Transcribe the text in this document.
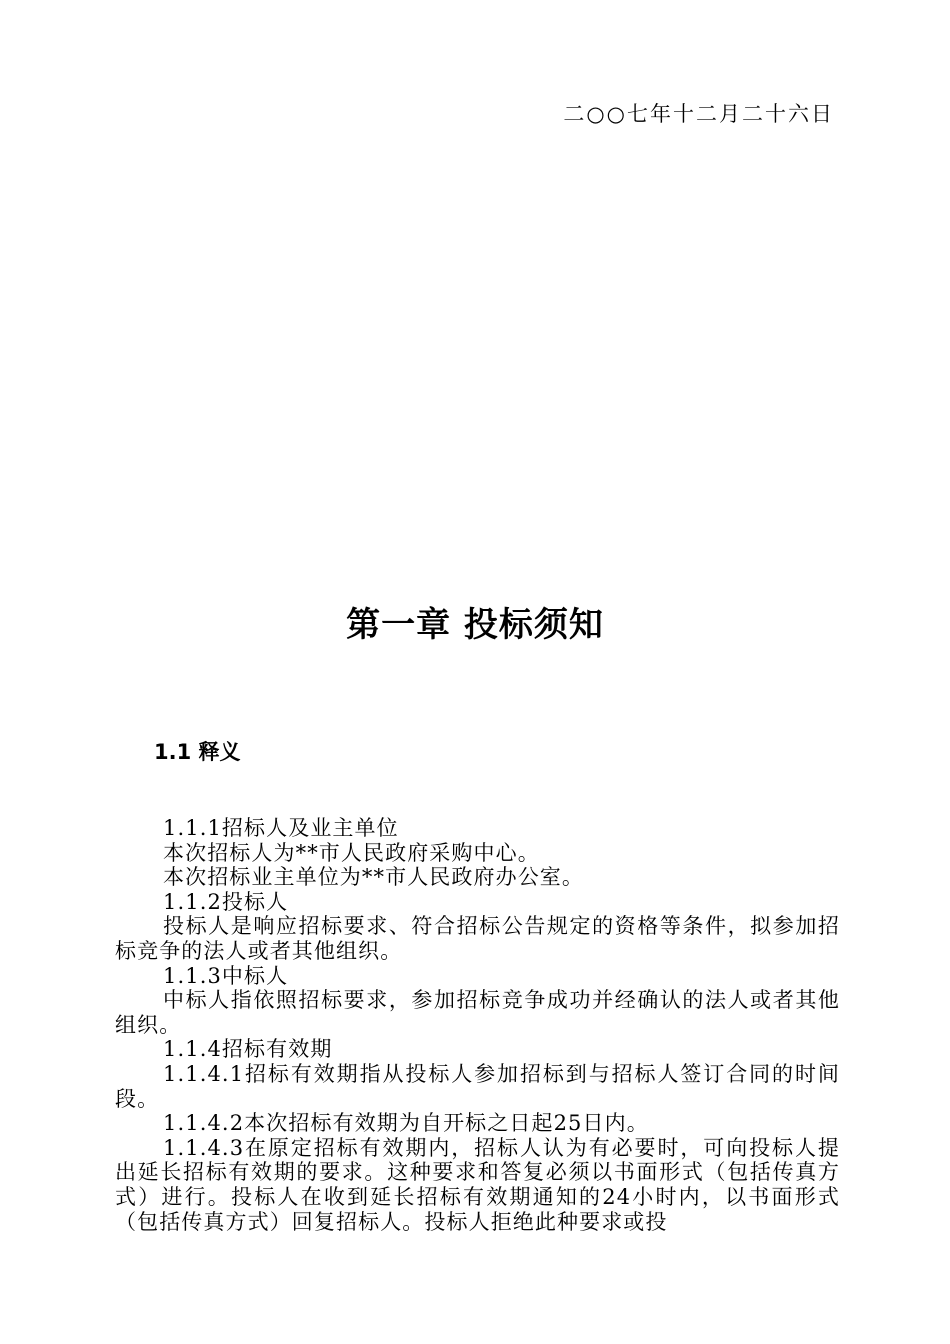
二○○七年十二月二十六日
第一章 投标须知
1.1 释义

1.1.1招标人及业主单位

本次招标人为**市人民政府采购中心。

本次招标业主单位为**市人民政府办公室。

1.1.2投标人

投标人是响应招标要求、符合招标公告规定的资格等条件，拟参加招标竞争的法人或者其他组织。

1.1.3中标人

中标人指依照招标要求，参加招标竞争成功并经确认的法人或者其他组织。

1.1.4招标有效期

1.1.4.1招标有效期指从投标人参加招标到与招标人签订合同的时间段。

1.1.4.2本次招标有效期为自开标之日起25日内。

1.1.4.3在原定招标有效期内，招标人认为有必要时，可向投标人提出延长招标有效期的要求。这种要求和答复必须以书面形式（包括传真方式）进行。投标人在收到延长招标有效期通知的24小时内，以书面形式（包括传真方式）回复招标人。投标人拒绝此种要求或投
